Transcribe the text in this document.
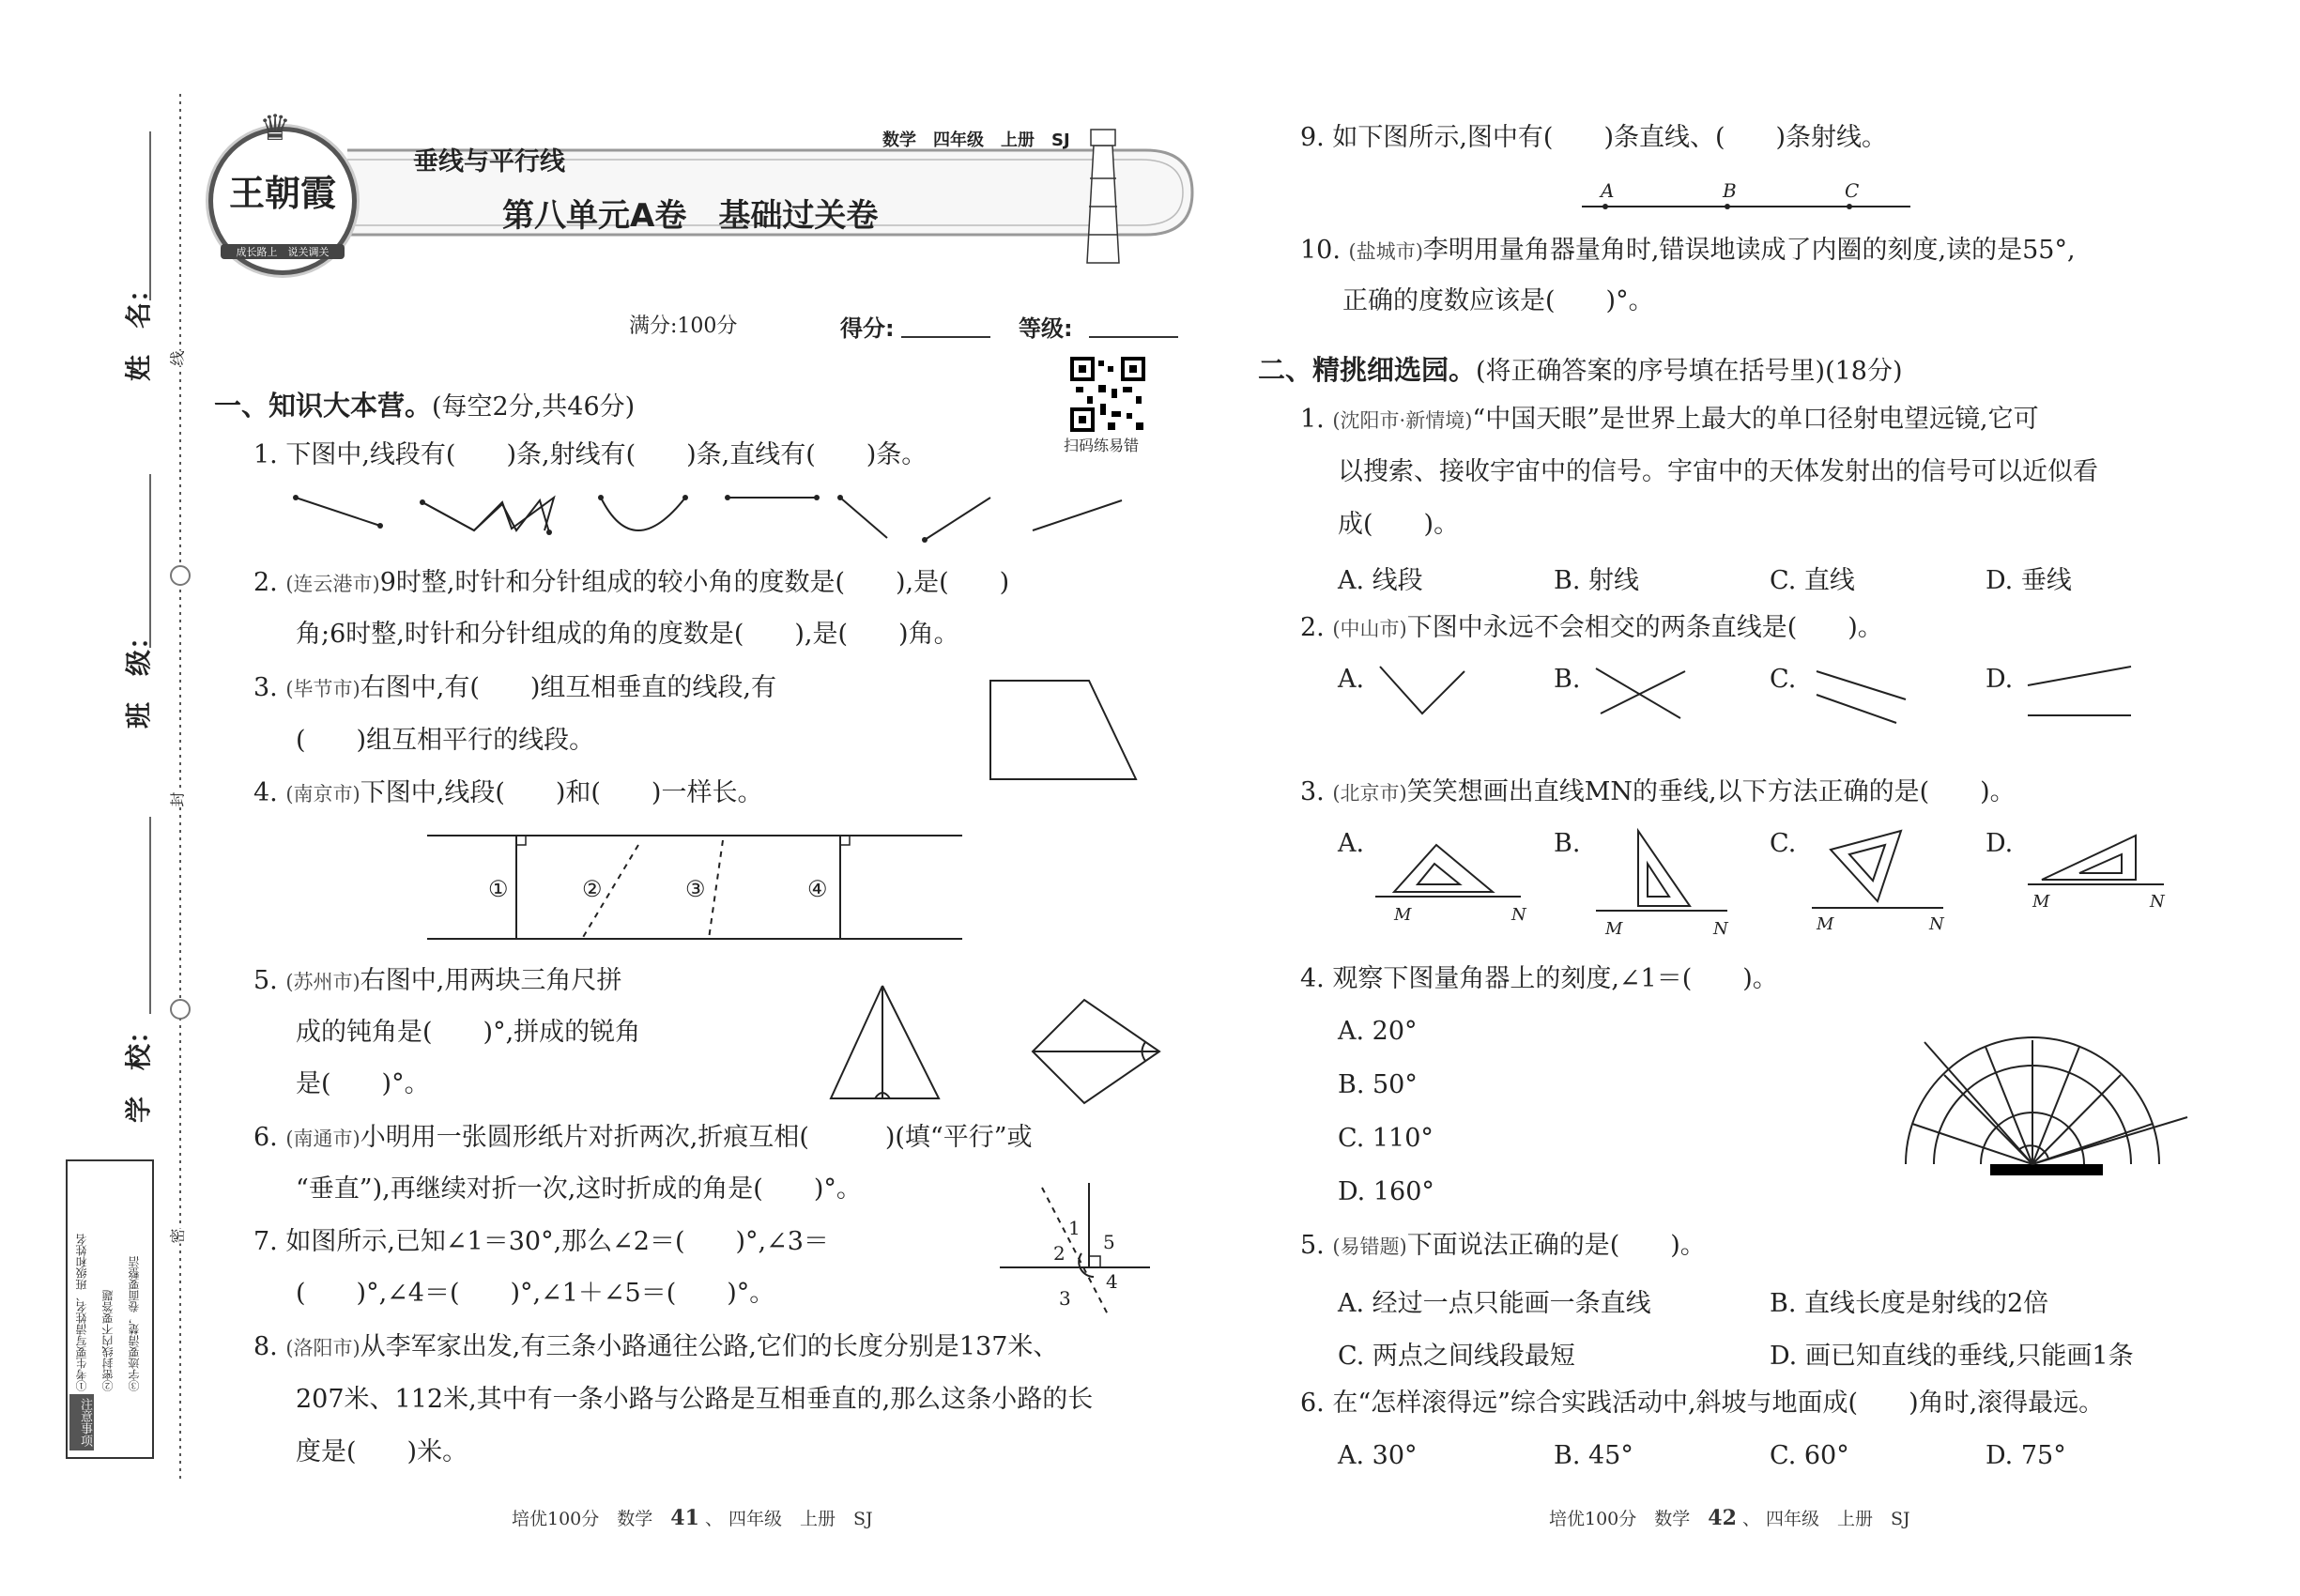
姓　名：
班　级：
学　校：
线
封
密
注意事项
①考生要写清姓名、班级和姓名 ②密封线内不要答题 ③字迹要清楚，卷面要整洁
♛
王朝霞
成长路上　说关调关
垂线与平行线
数学　四年级　上册　SJ
第八单元A卷　基础过关卷
满分:100分	得分:	等级:
扫码练易错
一、知识大本营。(每空2分,共46分)
1. 下图中,线段有(　　)条,射线有(　　)条,直线有(　　)条。
2. (连云港市)9时整,时针和分针组成的较小角的度数是(　　),是(　　)
角;6时整,时针和分针组成的角的度数是(　　),是(　　)角。
3. (毕节市)右图中,有(　　)组互相垂直的线段,有
(　　)组互相平行的线段。
4. (南京市)下图中,线段(　　)和(　　)一样长。
①	②	③	④
5. (苏州市)右图中,用两块三角尺拼
成的钝角是(　　)°,拼成的锐角
是(　　)°。
6. (南通市)小明用一张圆形纸片对折两次,折痕互相(　　　)(填“平行”或
“垂直”),再继续对折一次,这时折成的角是(　　)°。
7. 如图所示,已知∠1＝30°,那么∠2＝(　　)°,∠3＝
(　　)°,∠4＝(　　)°,∠1＋∠5＝(　　)°。
1
2
3
4
5
8. (洛阳市)从李军家出发,有三条小路通往公路,它们的长度分别是137米、
207米、112米,其中有一条小路与公路是互相垂直的,那么这条小路的长
度是(　　)米。
培优100分　数学　 41 、 四年级　上册　SJ
9. 如下图所示,图中有(　　)条直线、(　　)条射线。
A	B	C
10. (盐城市)李明用量角器量角时,错误地读成了内圈的刻度,读的是55°,
正确的度数应该是(　　)°。
二、精挑细选园。(将正确答案的序号填在括号里)(18分)
1. (沈阳市·新情境)“中国天眼”是世界上最大的单口径射电望远镜,它可
以搜索、接收宇宙中的信号。宇宙中的天体发射出的信号可以近似看
成(　　)。
A. 线段	B. 射线	C. 直线	D. 垂线
2. (中山市)下图中永远不会相交的两条直线是(　　)。
A.	B.	C.	D.
3. (北京市)笑笑想画出直线MN的垂线,以下方法正确的是(　　)。
A.	B.	C.	D.
M	N
M	N	M	N
M	N
4. 观察下图量角器上的刻度,∠1＝(　　)。
A. 20°
B. 50°
C. 110°
D. 160°
5. (易错题)下面说法正确的是(　　)。
A. 经过一点只能画一条直线	B. 直线长度是射线的2倍
C. 两点之间线段最短	D. 画已知直线的垂线,只能画1条
6. 在“怎样滚得远”综合实践活动中,斜坡与地面成(　　)角时,滚得最远。
A. 30°	B. 45°	C. 60°	D. 75°
培优100分　数学　 42 、 四年级　上册　SJ
